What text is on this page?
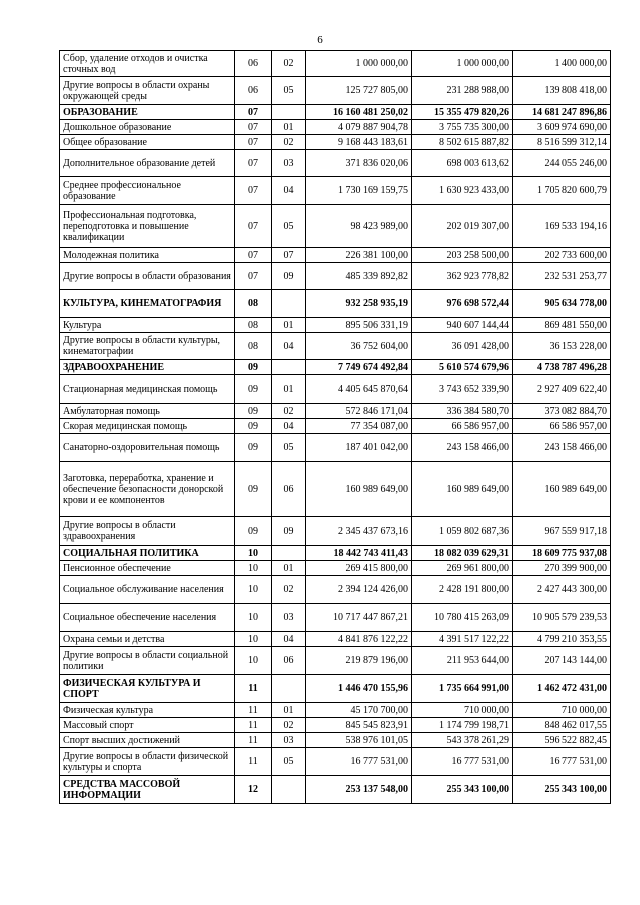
6
Сбор, удаление отходов и очистка сточных вод	06	02	1 000 000,00	1 000 000,00	1 400 000,00
Другие вопросы в области охраны окружающей среды	06	05	125 727 805,00	231 288 988,00	139 808 418,00
ОБРАЗОВАНИЕ	07		16 160 481 250,02	15 355 479 820,26	14 681 247 896,86
Дошкольное образование	07	01	4 079 887 904,78	3 755 735 300,00	3 609 974 690,00
Общее образование	07	02	9 168 443 183,61	8 502 615 887,82	8 516 599 312,14
Дополнительное образование детей	07	03	371 836 020,06	698 003 613,62	244 055 246,00
Среднее профессиональное образование	07	04	1 730 169 159,75	1 630 923 433,00	1 705 820 600,79
Профессиональная подготовка, переподготовка и повышение квалификации	07	05	98 423 989,00	202 019 307,00	169 533 194,16
Молодежная политика	07	07	226 381 100,00	203 258 500,00	202 733 600,00
Другие вопросы в области образования	07	09	485 339 892,82	362 923 778,82	232 531 253,77
КУЛЬТУРА, КИНЕМАТОГРАФИЯ	08		932 258 935,19	976 698 572,44	905 634 778,00
Культура	08	01	895 506 331,19	940 607 144,44	869 481 550,00
Другие вопросы в области культуры, кинематографии	08	04	36 752 604,00	36 091 428,00	36 153 228,00
ЗДРАВООХРАНЕНИЕ	09		7 749 674 492,84	5 610 574 679,96	4 738 787 496,28
Стационарная медицинская помощь	09	01	4 405 645 870,64	3 743 652 339,90	2 927 409 622,40
Амбулаторная помощь	09	02	572 846 171,04	336 384 580,70	373 082 884,70
Скорая медицинская помощь	09	04	77 354 087,00	66 586 957,00	66 586 957,00
Санаторно-оздоровительная помощь	09	05	187 401 042,00	243 158 466,00	243 158 466,00
Заготовка, переработка, хранение и обеспечение безопасности донорской крови и ее компонентов	09	06	160 989 649,00	160 989 649,00	160 989 649,00
Другие вопросы в области здравоохранения	09	09	2 345 437 673,16	1 059 802 687,36	967 559 917,18
СОЦИАЛЬНАЯ ПОЛИТИКА	10		18 442 743 411,43	18 082 039 629,31	18 609 775 937,08
Пенсионное обеспечение	10	01	269 415 800,00	269 961 800,00	270 399 900,00
Социальное обслуживание населения	10	02	2 394 124 426,00	2 428 191 800,00	2 427 443 300,00
Социальное обеспечение населения	10	03	10 717 447 867,21	10 780 415 263,09	10 905 579 239,53
Охрана семьи и детства	10	04	4 841 876 122,22	4 391 517 122,22	4 799 210 353,55
Другие вопросы в области социальной политики	10	06	219 879 196,00	211 953 644,00	207 143 144,00
ФИЗИЧЕСКАЯ КУЛЬТУРА И СПОРТ	11		1 446 470 155,96	1 735 664 991,00	1 462 472 431,00
Физическая культура	11	01	45 170 700,00	710 000,00	710 000,00
Массовый спорт	11	02	845 545 823,91	1 174 799 198,71	848 462 017,55
Спорт высших достижений	11	03	538 976 101,05	543 378 261,29	596 522 882,45
Другие вопросы в области физической культуры и спорта	11	05	16 777 531,00	16 777 531,00	16 777 531,00
СРЕДСТВА МАССОВОЙ ИНФОРМАЦИИ	12		253 137 548,00	255 343 100,00	255 343 100,00
